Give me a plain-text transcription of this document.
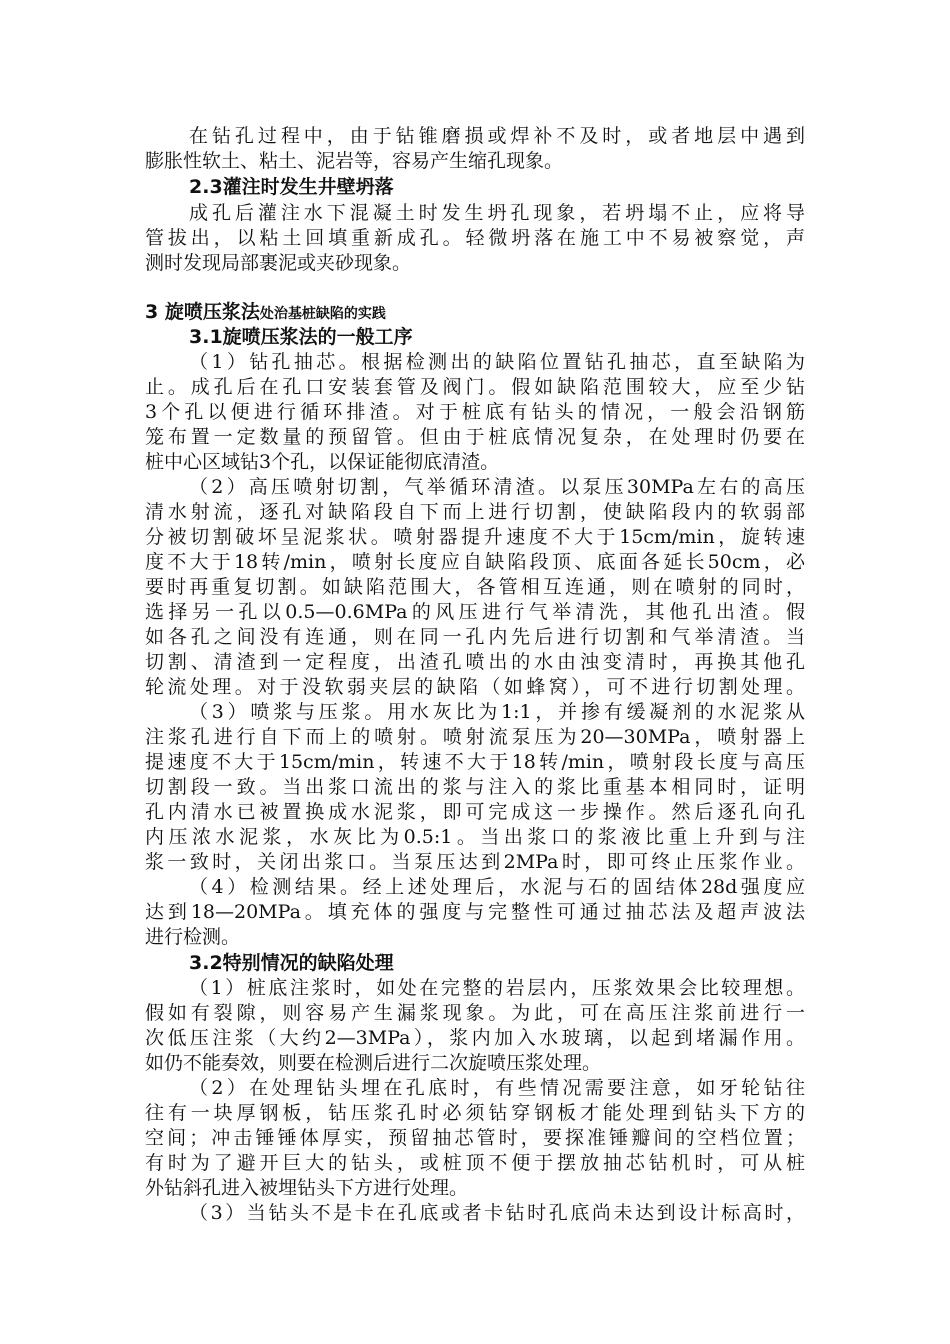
在钻孔过程中，由于钻锥磨损或焊补不及时，或者地层中遇到
膨胀性软土、粘土、泥岩等，容易产生缩孔现象。
2.3灌注时发生井壁坍落
成孔后灌注水下混凝土时发生坍孔现象，若坍塌不止，应将导
管拔出，以粘土回填重新成孔。轻微坍落在施工中不易被察觉，声
测时发现局部裹泥或夹砂现象。
3 旋喷压浆法处治基桩缺陷的实践
3.1旋喷压浆法的一般工序
（1）钻孔抽芯。根据检测出的缺陷位置钻孔抽芯，直至缺陷为
止。成孔后在孔口安装套管及阀门。假如缺陷范围较大，应至少钻
3个孔以便进行循环排渣。对于桩底有钻头的情况，一般会沿钢筋
笼布置一定数量的预留管。但由于桩底情况复杂，在处理时仍要在
桩中心区域钻3个孔，以保证能彻底清渣。
（2）高压喷射切割，气举循环清渣。以泵压30MPa左右的高压
清水射流，逐孔对缺陷段自下而上进行切割，使缺陷段内的软弱部
分被切割破坏呈泥浆状。喷射器提升速度不大于15cm/min，旋转速
度不大于18转/min，喷射长度应自缺陷段顶、底面各延长50cm，必
要时再重复切割。如缺陷范围大，各管相互连通，则在喷射的同时，
选择另一孔以0.5—0.6MPa的风压进行气举清洗，其他孔出渣。假
如各孔之间没有连通，则在同一孔内先后进行切割和气举清渣。当
切割、清渣到一定程度，出渣孔喷出的水由浊变清时，再换其他孔
轮流处理。对于没软弱夹层的缺陷（如蜂窝），可不进行切割处理。
（3）喷浆与压浆。用水灰比为1:1，并掺有缓凝剂的水泥浆从
注浆孔进行自下而上的喷射。喷射流泵压为20—30MPa，喷射器上
提速度不大于15cm/min，转速不大于18转/min，喷射段长度与高压
切割段一致。当出浆口流出的浆与注入的浆比重基本相同时，证明
孔内清水已被置换成水泥浆，即可完成这一步操作。然后逐孔向孔
内压浓水泥浆，水灰比为0.5:1。当出浆口的浆液比重上升到与注
浆一致时，关闭出浆口。当泵压达到2MPa时，即可终止压浆作业。
（4）检测结果。经上述处理后，水泥与石的固结体28d强度应
达到18—20MPa。填充体的强度与完整性可通过抽芯法及超声波法
进行检测。
3.2特别情况的缺陷处理
（1）桩底注浆时，如处在完整的岩层内，压浆效果会比较理想。
假如有裂隙，则容易产生漏浆现象。为此，可在高压注浆前进行一
次低压注浆（大约2—3MPa），浆内加入水玻璃，以起到堵漏作用。
如仍不能奏效，则要在检测后进行二次旋喷压浆处理。
（2）在处理钻头埋在孔底时，有些情况需要注意，如牙轮钻往
往有一块厚钢板，钻压浆孔时必须钻穿钢板才能处理到钻头下方的
空间；冲击锤锤体厚实，预留抽芯管时，要探准锤瓣间的空档位置；
有时为了避开巨大的钻头，或桩顶不便于摆放抽芯钻机时，可从桩
外钻斜孔进入被埋钻头下方进行处理。
（3）当钻头不是卡在孔底或者卡钻时孔底尚未达到设计标高时，
